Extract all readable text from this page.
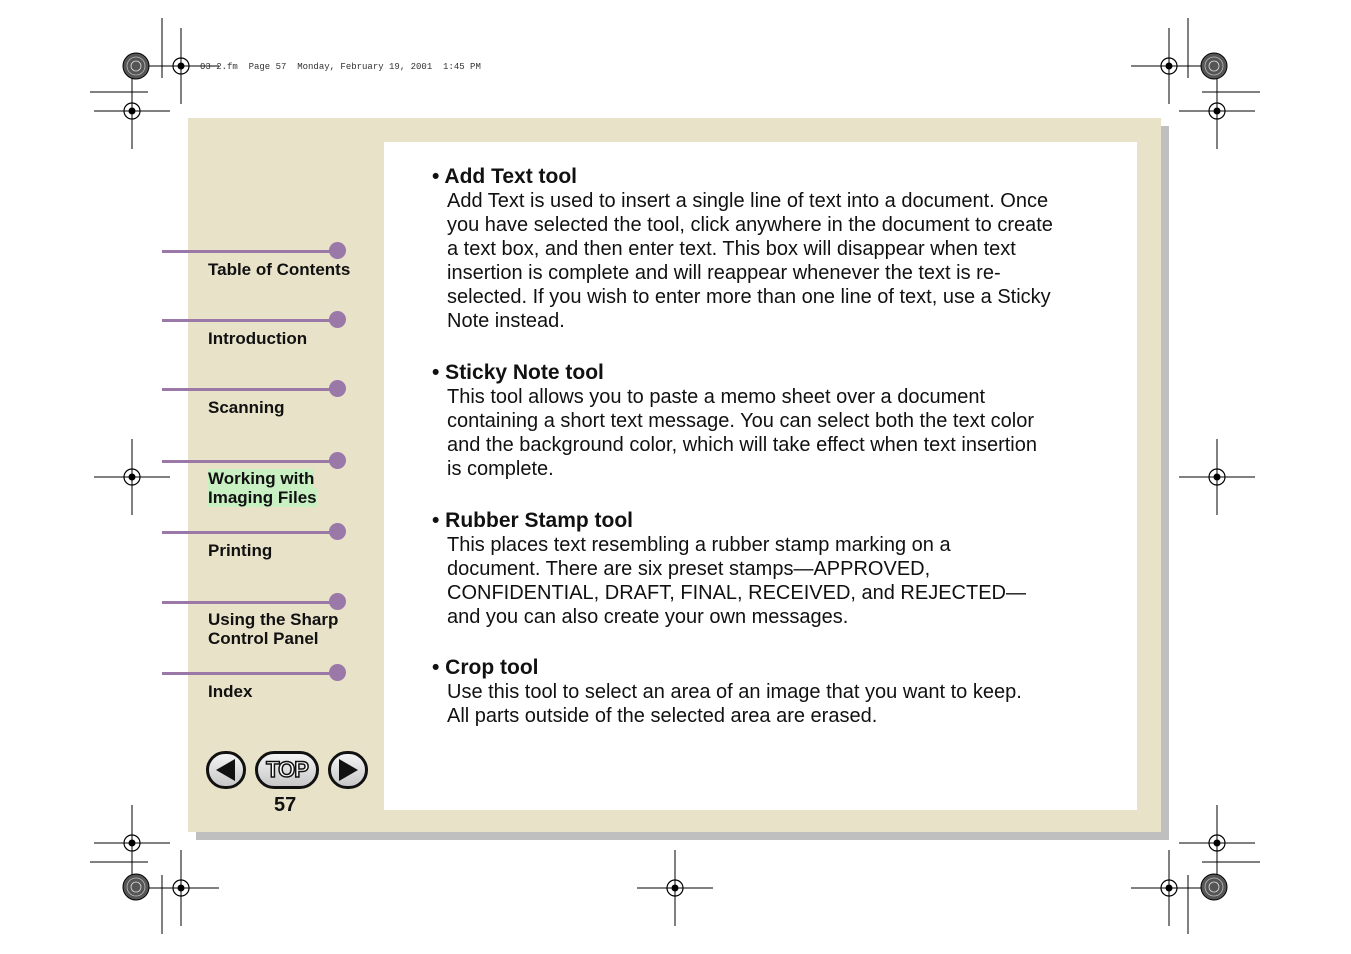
03-2.fm  Page 57  Monday, February 19, 2001  1:45 PM
Table of Contents
Introduction
Scanning
Working with
Imaging Files
Printing
Using the Sharp
Control Panel
Index
TOP
57
• Add Text tool
Add Text is used to insert a single line of text into a document. Once
you have selected the tool, click anywhere in the document to create
a text box, and then enter text. This box will disappear when text
insertion is complete and will reappear whenever the text is re-
selected. If you wish to enter more than one line of text, use a Sticky
Note instead.
• Sticky Note tool
This tool allows you to paste a memo sheet over a document
containing a short text message. You can select both the text color
and the background color, which will take effect when text insertion
is complete.
• Rubber Stamp tool
This places text resembling a rubber stamp marking on a
document. There are six preset stamps—APPROVED,
CONFIDENTIAL, DRAFT, FINAL, RECEIVED, and REJECTED—
and you can also create your own messages.
• Crop tool
Use this tool to select an area of an image that you want to keep.
All parts outside of the selected area are erased.
